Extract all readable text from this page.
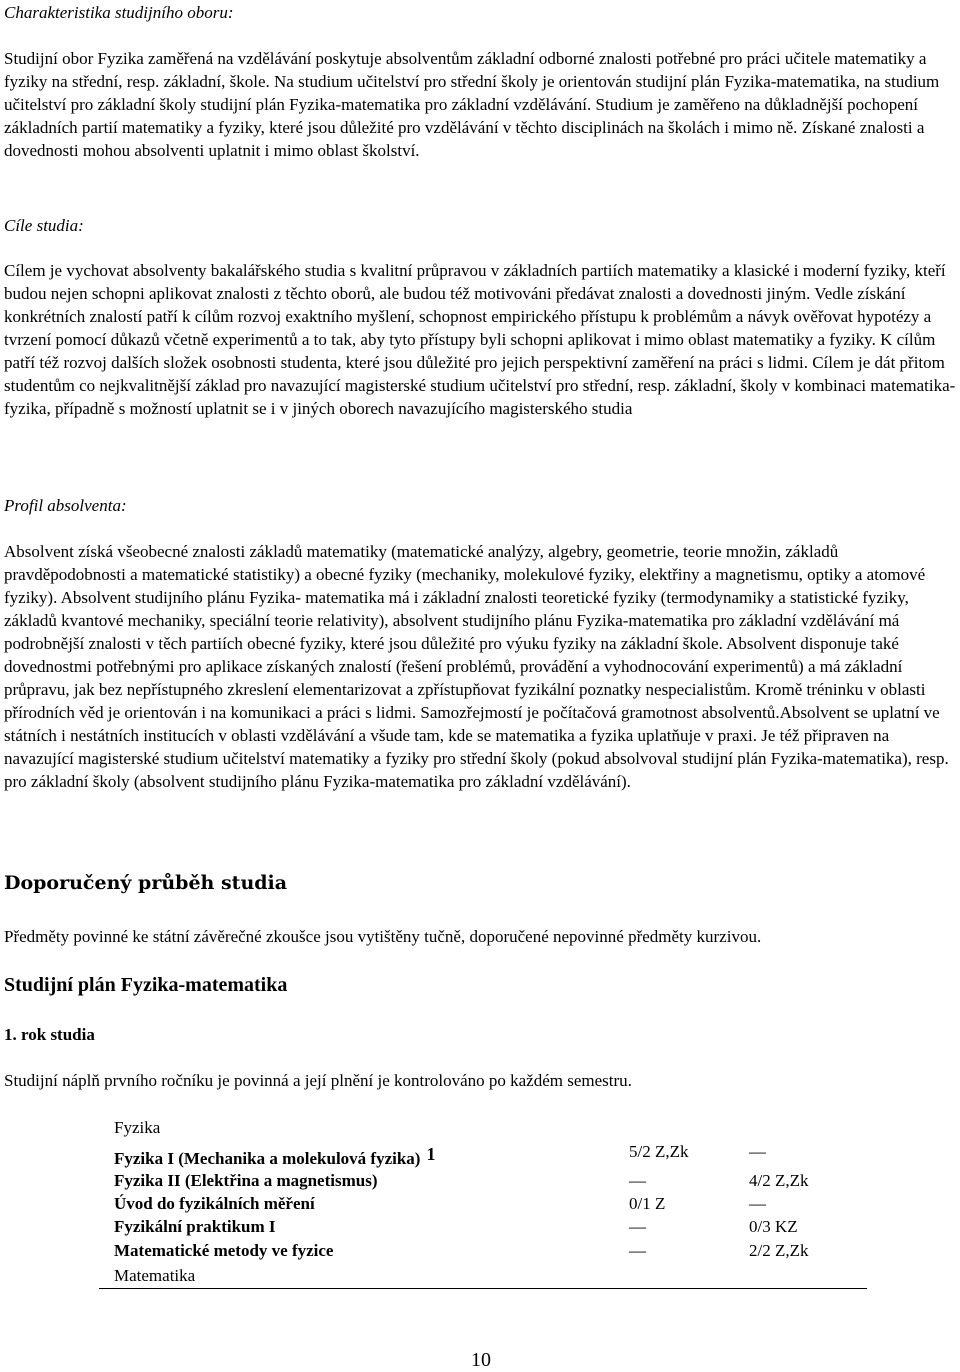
Charakteristika studijního oboru:
Studijní obor Fyzika zaměřená na vzdělávání poskytuje absolventům základní odborné znalosti potřebné pro práci učitele matematiky a fyziky na střední, resp. základní, škole. Na studium učitelství pro střední školy je orientován studijní plán Fyzika-matematika, na studium učitelství pro základní školy studijní plán Fyzika-matematika pro základní vzdělávání. Studium je zaměřeno na důkladnější pochopení základních partií matematiky a fyziky, které jsou důležité pro vzdělávání v těchto disciplinách na školách i mimo ně. Získané znalosti a dovednosti mohou absolventi uplatnit i mimo oblast školství.
Cíle studia:
Cílem je vychovat absolventy bakalářského studia s kvalitní průpravou v základních partiích matematiky a klasické i moderní fyziky, kteří budou nejen schopni aplikovat znalosti z těchto oborů, ale budou též motivováni předávat znalosti a dovednosti jiným. Vedle získání konkrétních znalostí patří k cílům rozvoj exaktního myšlení, schopnost empirického přístupu k problémům a návyk ověřovat hypotézy a tvrzení pomocí důkazů včetně experimentů a to tak, aby tyto přístupy byli schopni aplikovat i mimo oblast matematiky a fyziky. K cílům patří též rozvoj dalších složek osobnosti studenta, které jsou důležité pro jejich perspektivní zaměření na práci s lidmi. Cílem je dát přitom studentům co nejkvalitnější základ pro navazující magisterské studium učitelství pro střední, resp. základní, školy v kombinaci matematika-fyzika, případně s možností uplatnit se i v jiných oborech navazujícího magisterského studia
Profil absolventa:
Absolvent získá všeobecné znalosti základů matematiky (matematické analýzy, algebry, geometrie, teorie množin, základů pravděpodobnosti a matematické statistiky) a obecné fyziky (mechaniky, molekulové fyziky, elektřiny a magnetismu, optiky a atomové fyziky). Absolvent studijního plánu Fyzika- matematika má i základní znalosti teoretické fyziky (termodynamiky a statistické fyziky, základů kvantové mechaniky, speciální teorie relativity), absolvent studijního plánu Fyzika-matematika pro základní vzdělávání má podrobnější znalosti v těch partiích obecné fyziky, které jsou důležité pro výuku fyziky na základní škole. Absolvent disponuje také dovednostmi potřebnými pro aplikace získaných znalostí (řešení problémů, provádění a vyhodnocování experimentů) a má základní průpravu, jak bez nepřístupného zkreslení elementarizovat a zpřístupňovat fyzikální poznatky nespecialistům. Kromě tréninku v oblasti přírodních věd je orientován i na komunikaci a práci s lidmi. Samozřejmostí je počítačová gramotnost absolventů.Absolvent se uplatní ve státních i nestátních institucích v oblasti vzdělávání a všude tam, kde se matematika a fyzika uplatňuje v praxi. Je též připraven na navazující magisterské studium učitelství matematiky a fyziky pro střední školy (pokud absolvoval studijní plán Fyzika-matematika), resp. pro základní školy (absolvent studijního plánu Fyzika-matematika pro základní vzdělávání).
Doporučený průběh studia
Předměty povinné ke státní závěrečné zkoušce jsou vytištěny tučně, doporučené nepovinné předměty kurzivou.
Studijní plán Fyzika-matematika
1. rok studia
Studijní náplň prvního ročníku je povinná a její plnění je kontrolováno po každém semestru.
Fyzika
Fyzika I (Mechanika a molekulová fyzika) 1	5/2 Z,Zk	—
Fyzika II (Elektřina a magnetismus)	—	4/2 Z,Zk
Úvod do fyzikálních měření	0/1 Z	—
Fyzikální praktikum I	—	0/3 KZ
Matematické metody ve fyzice	—	2/2 Z,Zk
Matematika
10
